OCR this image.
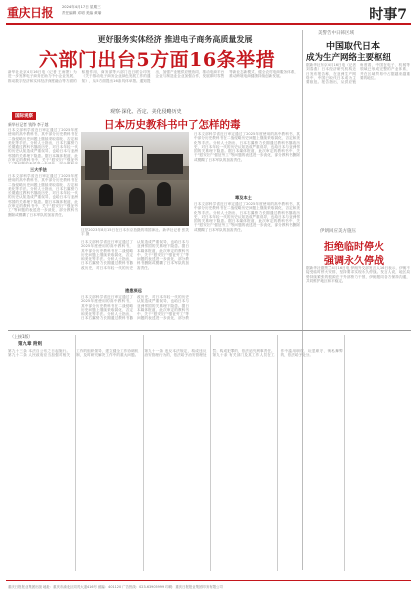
重庆日报 2024年4月17日 星期三
责任编辑 邓明 美编 黄瑜	时事7
更好服务实体经济 推进电子商务高质量发展
六部门出台5方面16条举措
新华社北京4月16日电（记者 王雨萧）为进一步发挥电子商务在助力中小企业发展、推动数字经济和实体经济深度融合等方面的积极作用，商务部等六部门近日联合印发《关于推动电子商务企业绿色发展工作的通知》，从5方面提出16条具体举措。通知提出，加强产业链供应链协同，推动电商平台企业与制造业企业加强合作，发展即时零售等新业态新模式，健全农村电商服务体系，推动跨境电商健康持续创新发展。
美警告中日韩区域
中国取代日本
成为生产网络主要枢纽
据新华社东京4月16日电（记者 刘春燕）日本经济研究机构近日发布报告称，在亚洲生产网络中，中国已取代日本成为主要枢纽。报告指出，从供应链角度看，中国在电子、机械等领域已形成完整的产业体系，并在区域贸易中占据越来越重要的地位。
观察·深化、否定、美化侵略历史
日本历史教科书中了怎样的毒
国际观察
新华社记者 钱铮 李子越
这是2023年8月15日在日本东京拍摄的靖国神社。新华社记者 张笑宇 摄
日本文部科学省近日审定通过了2025年度使用的高中教科书，其中部分历史教科书在二战侵略历史问题上继续采取弱化、否定和美化等手法。分析人士指出，日本右翼势力长期通过教科书篡改历史，对日本年轻一代的历史认知造成严重误导，也给日本与亚洲邻国的关系埋下隐患。据日本媒体报道，此次审定的教科书中，关于“慰安妇”“强征劳
三大手法
日本文部科学省近日审定通过了2025年度使用的高中教科书，其中部分历史教科书在二战侵略历史问题上继续采取弱化、否定和美化等手法。分析人士指出，日本右翼势力长期通过教科书篡改历史，对日本年轻一代的历史认知造成严重误导，也给日本与亚洲邻国的关系埋下隐患。据日本媒体报道，此次审定的教科书中，关于“慰安妇”“强征劳工”等问题的表述进一步淡化，部分教科书删除或模糊了日本军队的加害责任。
日本文部科学省近日审定通过了2025年度使用的高中教科书，其中部分历史教科书在二战侵略历史问题上继续采取弱化、否定和美化等手法。分析人士指出，日本右翼势力长期通过教科书篡改历史，对日本年轻一代的历史认知造成严重误导，也给日本与亚洲邻国的关系埋下隐患。据日本媒体报道，此次审定的教科书中，关于“慰安妇”“强征劳工”等问题的表述进一步淡化，部分教科书删除或模糊了日本军队的加害责任。
毒及本土
日本文部科学省近日审定通过了2025年度使用的高中教科书，其中部分历史教科书在二战侵略历史问题上继续采取弱化、否定和美化等手法。分析人士指出，日本右翼势力长期通过教科书篡改历史，对日本年轻一代的历史认知造成严重误导，也给日本与亚洲邻国的关系埋下隐患。据日本媒体报道，此次审定的教科书中，关于“慰安妇”“强征劳工”等问题的表述进一步淡化，部分教科书删除或模糊了日本军队的加害责任。
日本文部科学省近日审定通过了2025年度使用的高中教科书，其中部分历史教科书在二战侵略历史问题上继续采取弱化、否定和美化等手法。分析人士指出，日本右翼势力长期通过教科书篡改历史，对日本年轻一代的历史认知造成严重误导，也给日本与亚洲邻国的关系埋下隐患。据日本媒体报道，此次审定的教科书中，关于“慰安妇”“强征劳工”等问题的表述进一步淡化，部分教科书删除或模糊了日本军队的加害责任。
遗患深远
日本文部科学省近日审定通过了2025年度使用的高中教科书，其中部分历史教科书在二战侵略历史问题上继续采取弱化、否定和美化等手法。分析人士指出，日本右翼势力长期通过教科书篡改历史，对日本年轻一代的历史认知造成严重误导，也给日本与亚洲邻国的关系埋下隐患。据日本媒体报道，此次审定的教科书中，关于“慰安妇”“强征劳工”等问题的表述进一步淡化，部分教
伊朗回应美方施压
拒绝临时停火
强调永久停战
据新华社德黑兰4月16日电 伊朗外交部发言人16日表示，伊朗不接受临时停火安排，坚持要求实现永久停战。发言人说，地区局势持续紧张的根源在于外部势力干预，伊朗愿同各方保持沟通，共同维护地区和平稳定。
（上接1版）
第九章 附则
第九十三条 本法自公布之日起施行。第九十二条 人民政府应当加强对相关工作的组织领导，建立健全工作协调机制，及时研究解决工作中的重大问题。第九十一条 违反本法规定，构成违反治安管理行为的，依法给予治安管理处罚；构成犯罪的，依法追究刑事责任。第九十条 有关部门及其工作人员在工作中滥用职权、玩忽职守、徇私舞弊的，依法给予处分。
重庆日报报业集团出版 地址：重庆市渝北区同茂大道416号 邮编：401120 广告热线：023-63905999 印刷：重庆日报报业集团印务有限公司
